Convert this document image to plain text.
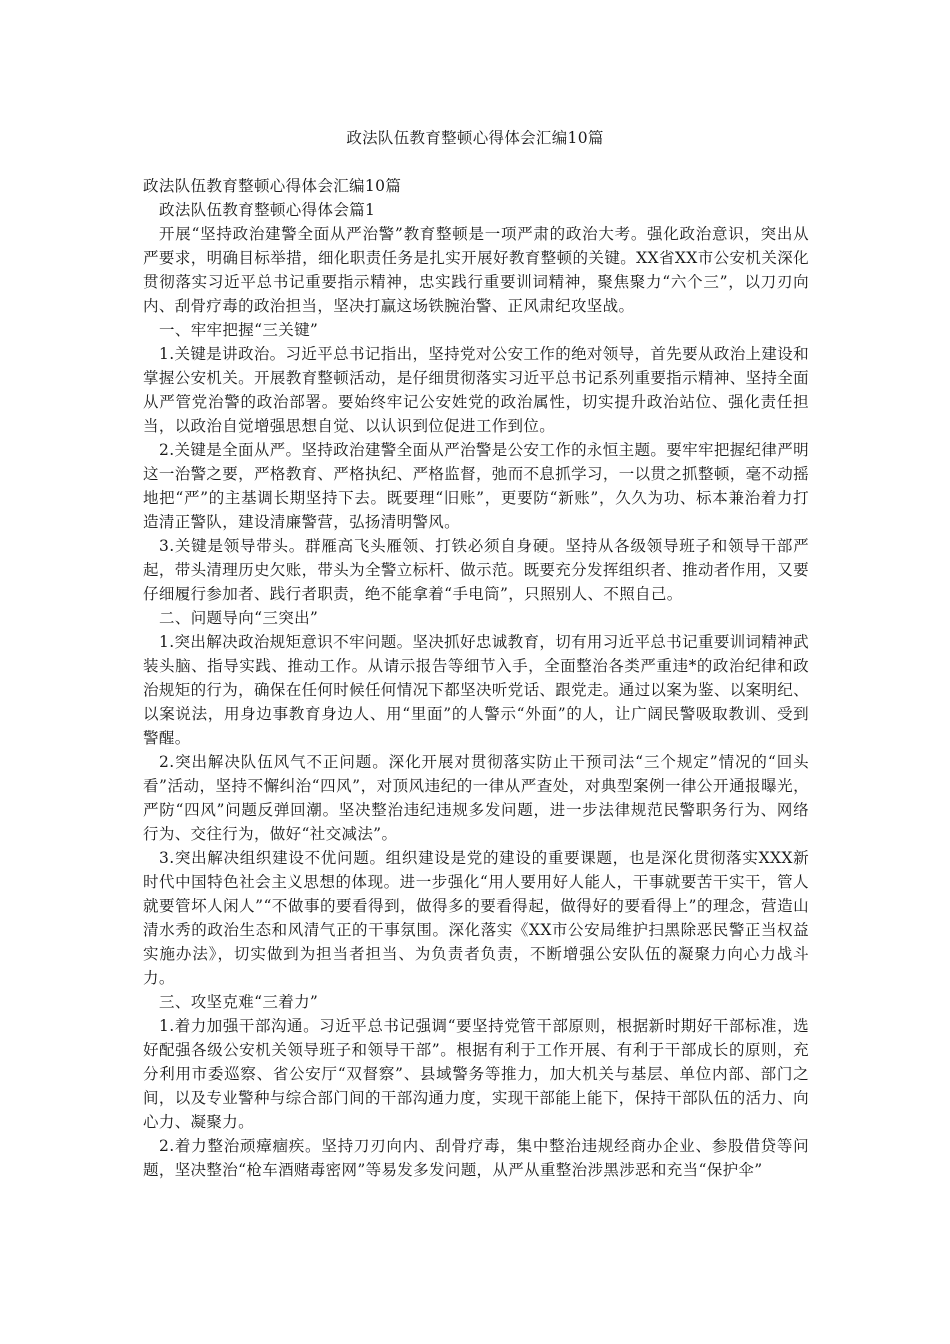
政法队伍教育整顿心得体会汇编10篇

政法队伍教育整顿心得体会汇编10篇

政法队伍教育整顿心得体会篇1

开展“坚持政治建警全面从严治警”教育整顿是一项严肃的政治大考。强化政治意识，突出从严要求，明确目标举措，细化职责任务是扎实开展好教育整顿的关键。XX省XX市公安机关深化贯彻落实习近平总书记重要指示精神，忠实践行重要训词精神，聚焦聚力“六个三”，以刀刃向内、刮骨疗毒的政治担当，坚决打赢这场铁腕治警、正风肃纪攻坚战。

一、牢牢把握“三关键”

1.关键是讲政治。习近平总书记指出，坚持党对公安工作的绝对领导，首先要从政治上建设和掌握公安机关。开展教育整顿活动，是仔细贯彻落实习近平总书记系列重要指示精神、坚持全面从严管党治警的政治部署。要始终牢记公安姓党的政治属性，切实提升政治站位、强化责任担当，以政治自觉增强思想自觉、以认识到位促进工作到位。

2.关键是全面从严。坚持政治建警全面从严治警是公安工作的永恒主题。要牢牢把握纪律严明这一治警之要，严格教育、严格执纪、严格监督，弛而不息抓学习，一以贯之抓整顿，毫不动摇地把“严”的主基调长期坚持下去。既要理“旧账”，更要防“新账”，久久为功、标本兼治着力打造清正警队，建设清廉警营，弘扬清明警风。

3.关键是领导带头。群雁高飞头雁领、打铁必须自身硬。坚持从各级领导班子和领导干部严起，带头清理历史欠账，带头为全警立标杆、做示范。既要充分发挥组织者、推动者作用，又要仔细履行参加者、践行者职责，绝不能拿着“手电筒”，只照别人、不照自己。

二、问题导向“三突出”

1.突出解决政治规矩意识不牢问题。坚决抓好忠诚教育，切有用习近平总书记重要训词精神武装头脑、指导实践、推动工作。从请示报告等细节入手，全面整治各类严重违*的政治纪律和政治规矩的行为，确保在任何时候任何情况下都坚决听党话、跟党走。通过以案为鉴、以案明纪、以案说法，用身边事教育身边人、用“里面”的人警示“外面”的人，让广阔民警吸取教训、受到警醒。

2.突出解决队伍风气不正问题。深化开展对贯彻落实防止干预司法“三个规定”情况的“回头看”活动，坚持不懈纠治“四风”，对顶风违纪的一律从严查处，对典型案例一律公开通报曝光，严防“四风”问题反弹回潮。坚决整治违纪违规多发问题，进一步法律规范民警职务行为、网络行为、交往行为，做好“社交减法”。

3.突出解决组织建设不优问题。组织建设是党的建设的重要课题，也是深化贯彻落实XXX新时代中国特色社会主义思想的体现。进一步强化“用人要用好人能人，干事就要苦干实干，管人就要管坏人闲人”“不做事的要看得到，做得多的要看得起，做得好的要看得上”的理念，营造山清水秀的政治生态和风清气正的干事氛围。深化落实《XX市公安局维护扫黑除恶民警正当权益实施办法》，切实做到为担当者担当、为负责者负责，不断增强公安队伍的凝聚力向心力战斗力。

三、攻坚克难“三着力”

1.着力加强干部沟通。习近平总书记强调“要坚持党管干部原则，根据新时期好干部标准，选好配强各级公安机关领导班子和领导干部”。根据有利于工作开展、有利于干部成长的原则，充分利用市委巡察、省公安厅“双督察”、县域警务等推力，加大机关与基层、单位内部、部门之间，以及专业警种与综合部门间的干部沟通力度，实现干部能上能下，保持干部队伍的活力、向心力、凝聚力。

2.着力整治顽瘴痼疾。坚持刀刃向内、刮骨疗毒，集中整治违规经商办企业、参股借贷等问题，坚决整治“枪车酒赌毒密网”等易发多发问题，从严从重整治涉黑涉恶和充当“保护伞”
